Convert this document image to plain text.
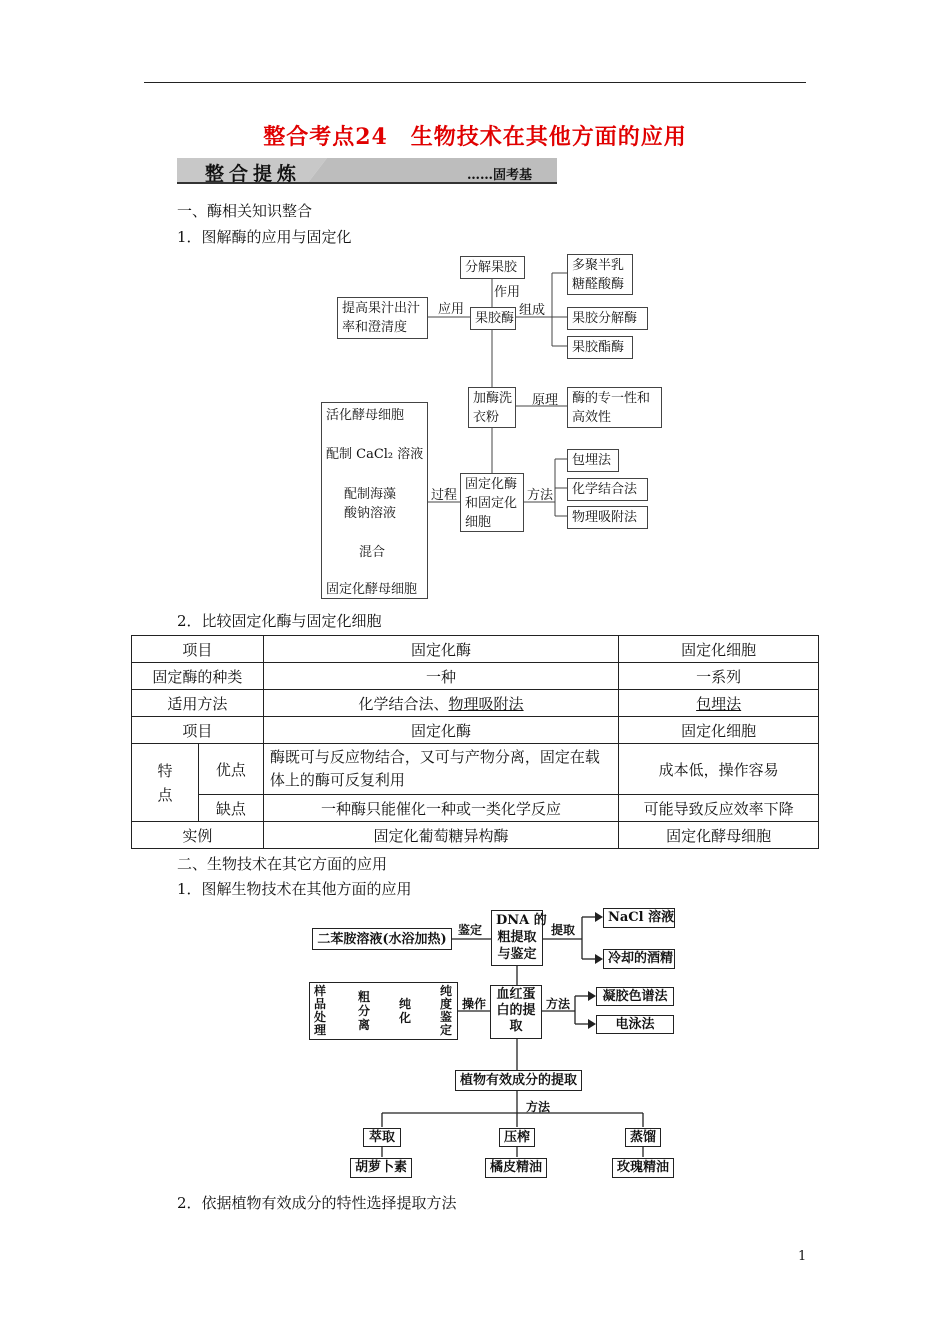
整合考点24　生物技术在其他方面的应用
整合提炼	……固考基
一、酶相关知识整合
1．图解酶的应用与固定化
分解果胶
提高果汁出汁
率和澄清度
应用
作用
果胶酶
组成
多聚半乳
糖醛酸酶
果胶分解酶
果胶酯酶
加酶洗
衣粉
原理 酶的专一性和
高效性
固定化酶
和固定化
细胞
过程	方法
包埋法
化学结合法
物理吸附法
活化酵母细胞
配制 CaCl₂ 溶液
配制海藻
酸钠溶液
混合
固定化酵母细胞
2．比较固定化酶与固定化细胞
项目		固定化酶	固定化细胞
固定酶的种类		一种	一系列
适用方法		化学结合法、物理吸附法	包埋法
项目		固定化酶	固定化细胞

特
点	优点	酶既可与反应物结合，又可与产物分离，固定在载体上的酶可反复利用	成本低，操作容易
	缺点	一种酶只能催化一种或一类化学反应	可能导致反应效率下降
实例		固定化葡萄糖异构酶	固定化酵母细胞
二、生物技术在其它方面的应用
1．图解生物技术在其他方面的应用
二苯胺溶液(水浴加热)
鉴定
DNA 的
粗提取
与鉴定
提取
NaCl 溶液
冷却的酒精
样
品
处
理
粗
分
离
纯
化
纯
度
鉴
定
操作
血红蛋
白的提
取
方法	凝胶色谱法
电泳法
植物有效成分的提取
方法
萃取	压榨	蒸馏
胡萝卜素	橘皮精油	玫瑰精油
2．依据植物有效成分的特性选择提取方法
1
